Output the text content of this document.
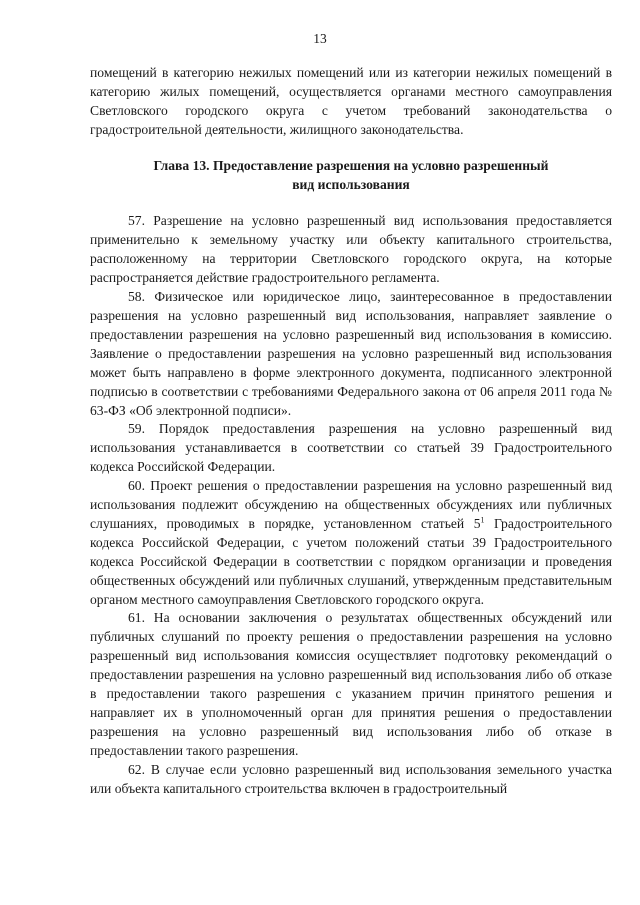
13

помещений в категорию нежилых помещений или из категории нежилых помещений в категорию жилых помещений, осуществляется органами местного самоуправления Светловского городского округа с учетом требований законодательства о градостроительной деятельности, жилищного законодательства.

Глава 13. Предоставление разрешения на условно разрешенный
вид использования

57. Разрешение на условно разрешенный вид использования предоставляется применительно к земельному участку или объекту капитального строительства, расположенному на территории Светловского городского округа, на которые распространяется действие градостроительного регламента.

58. Физическое или юридическое лицо, заинтересованное в предоставлении разрешения на условно разрешенный вид использования, направляет заявление о предоставлении разрешения на условно разрешенный вид использования в комиссию. Заявление о предоставлении разрешения на условно разрешенный вид использования может быть направлено в форме электронного документа, подписанного электронной подписью в соответствии с требованиями Федерального закона от 06 апреля 2011 года № 63-ФЗ «Об электронной подписи».

59. Порядок предоставления разрешения на условно разрешенный вид использования устанавливается в соответствии со статьей 39 Градостроительного кодекса Российской Федерации.

60. Проект решения о предоставлении разрешения на условно разрешенный вид использования подлежит обсуждению на общественных обсуждениях или публичных слушаниях, проводимых в порядке, установленном статьей $5^1$ Градостроительного кодекса Российской Федерации, с учетом положений статьи 39 Градостроительного кодекса Российской Федерации в соответствии с порядком организации и проведения общественных обсуждений или публичных слушаний, утвержденным представительным органом местного самоуправления Светловского городского округа.

61. На основании заключения о результатах общественных обсуждений или публичных слушаний по проекту решения о предоставлении разрешения на условно разрешенный вид использования комиссия осуществляет подготовку рекомендаций о предоставлении разрешения на условно разрешенный вид использования либо об отказе в предоставлении такого разрешения с указанием причин принятого решения и направляет их в уполномоченный орган для принятия решения о предоставлении разрешения на условно разрешенный вид использования либо об отказе в предоставлении такого разрешения.

62. В случае если условно разрешенный вид использования земельного участка или объекта капитального строительства включен в градостроительный
